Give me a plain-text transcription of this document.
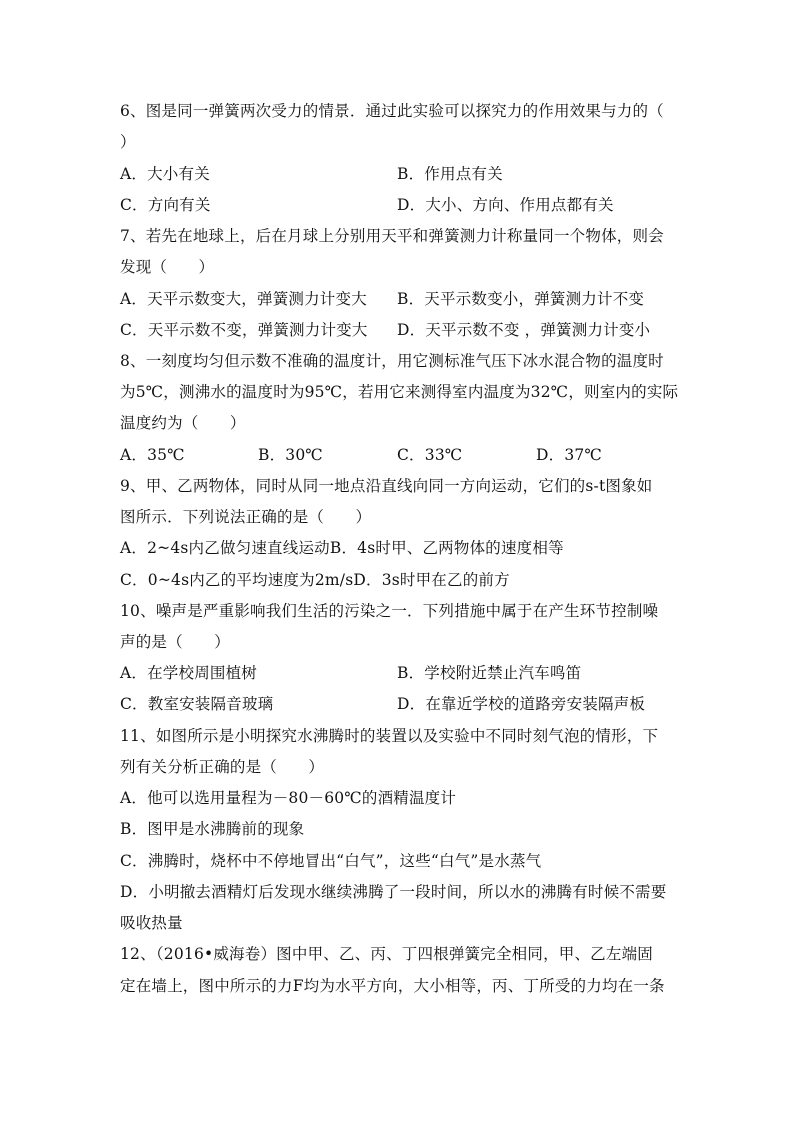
6、图是同一弹簧两次受力的情景．通过此实验可以探究力的作用效果与力的（
）
A．大小有关	B．作用点有关
C．方向有关	D．大小、方向、作用点都有关
7、若先在地球上，后在月球上分别用天平和弹簧测力计称量同一个物体，则会
发现（　　）
A．天平示数变大，弹簧测力计变大 B．天平示数变小，弹簧测力计不变
C．天平示数不变，弹簧测力计变大 D．天平示数不变 ，弹簧测力计变小
8、一刻度均匀但示数不准确的温度计，用它测标准气压下冰水混合物的温度时
为5℃，测沸水的温度时为95℃，若用它来测得室内温度为32℃，则室内的实际
温度约为（　　）
A．35℃	B．30℃	C．33℃	D．37℃
9、甲、乙两物体，同时从同一地点沿直线向同一方向运动，它们的s-t图象如
图所示．下列说法正确的是（　　）
A．2~4s内乙做匀速直线运动B．4s时甲、乙两物体的速度相等
C．0~4s内乙的平均速度为2m/sD．3s时甲在乙的前方
10、噪声是严重影响我们生活的污染之一．下列措施中属于在产生环节控制噪
声的是（　　）
A．在学校周围植树	B．学校附近禁止汽车鸣笛
C．教室安装隔音玻璃	D．在靠近学校的道路旁安装隔声板
11、如图所示是小明探究水沸腾时的装置以及实验中不同时刻气泡的情形，下
列有关分析正确的是（　　）
A．他可以选用量程为－80－60℃的酒精温度计
B．图甲是水沸腾前的现象
C．沸腾时，烧杯中不停地冒出“白气”，这些“白气”是水蒸气
D．小明撤去酒精灯后发现水继续沸腾了一段时间，所以水的沸腾有时候不需要
吸收热量
12、（2016•威海卷）图中甲、乙、丙、丁四根弹簧完全相同，甲、乙左端固
定在墙上，图中所示的力F均为水平方向，大小相等，丙、丁所受的力均在一条
